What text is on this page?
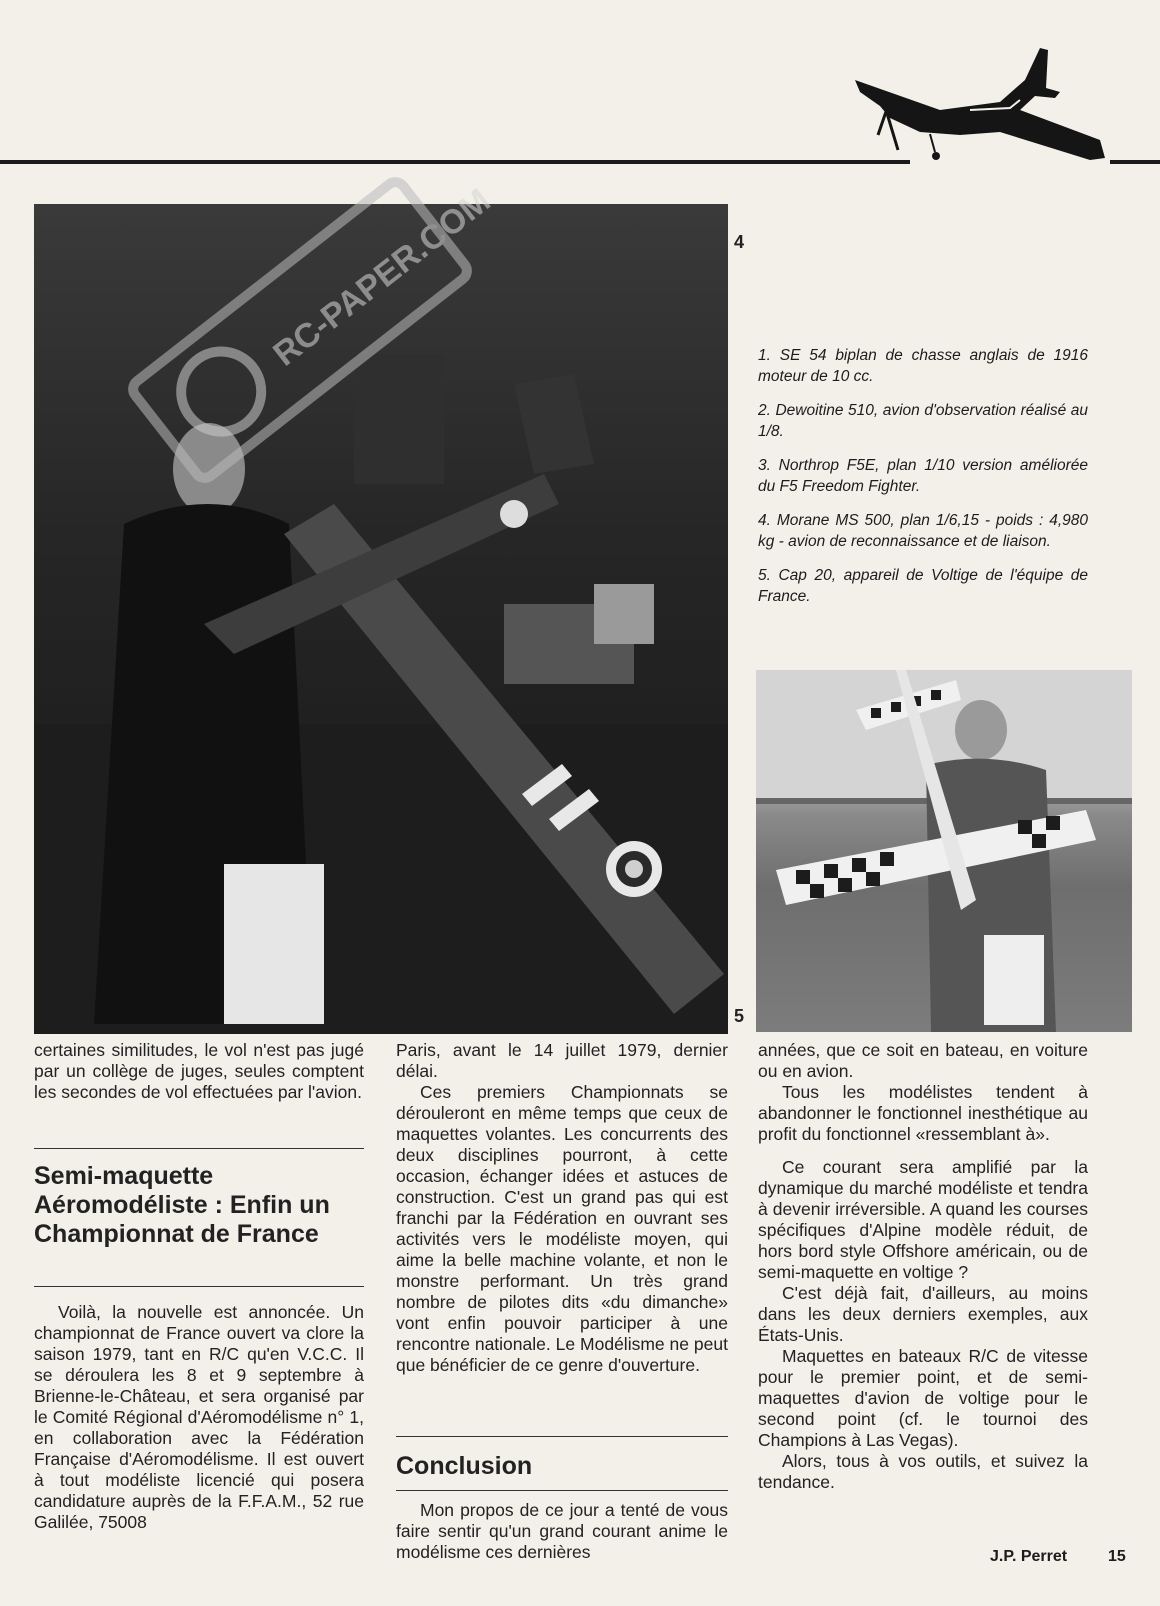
RC-PAPER.COM	4

1. SE 54 biplan de chasse anglais de 1916 moteur de 10 cc.

2. Dewoitine 510, avion d'observation réalisé au 1/8.

3. Northrop F5E, plan 1/10 version améliorée du F5 Freedom Fighter.

4. Morane MS 500, plan 1/6,15 - poids : 4,980 kg - avion de reconnaissance et de liaison.

5. Cap 20, appareil de Voltige de l'équipe de France.

5

certaines similitudes, le vol n'est pas jugé par un collège de juges, seules comptent les secondes de vol effectuées par l'avion.

Semi-maquette Aéromodéliste : Enfin un Championnat de France

Voilà, la nouvelle est annoncée. Un championnat de France ouvert va clore la saison 1979, tant en R/C qu'en V.C.C. Il se déroulera les 8 et 9 septembre à Brienne-le-Château, et sera organisé par le Comité Régional d'Aéromodélisme n° 1, en collaboration avec la Fédération Française d'Aéromodélisme. Il est ouvert à tout modéliste licencié qui posera candidature auprès de la F.F.A.M., 52 rue Galilée, 75008

Paris, avant le 14 juillet 1979, dernier délai.

Ces premiers Championnats se dérouleront en même temps que ceux de maquettes volantes. Les concurrents des deux disciplines pourront, à cette occasion, échanger idées et astuces de construction. C'est un grand pas qui est franchi par la Fédération en ouvrant ses activités vers le modéliste moyen, qui aime la belle machine volante, et non le monstre performant. Un très grand nombre de pilotes dits «du dimanche» vont enfin pouvoir participer à une rencontre nationale. Le Modélisme ne peut que bénéficier de ce genre d'ouverture.

Conclusion

Mon propos de ce jour a tenté de vous faire sentir qu'un grand courant anime le modélisme ces dernières

années, que ce soit en bateau, en voiture ou en avion.

Tous les modélistes tendent à abandonner le fonctionnel inesthétique au profit du fonctionnel «ressemblant à».

Ce courant sera amplifié par la dynamique du marché modéliste et tendra à devenir irréversible. A quand les courses spécifiques d'Alpine modèle réduit, de hors bord style Offshore américain, ou de semi-maquette en voltige ?

C'est déjà fait, d'ailleurs, au moins dans les deux derniers exemples, aux États-Unis.

Maquettes en bateaux R/C de vitesse pour le premier point, et de semi-maquettes d'avion de voltige pour le second point (cf. le tournoi des Champions à Las Vegas).

Alors, tous à vos outils, et suivez la tendance.

J.P. Perret	15
